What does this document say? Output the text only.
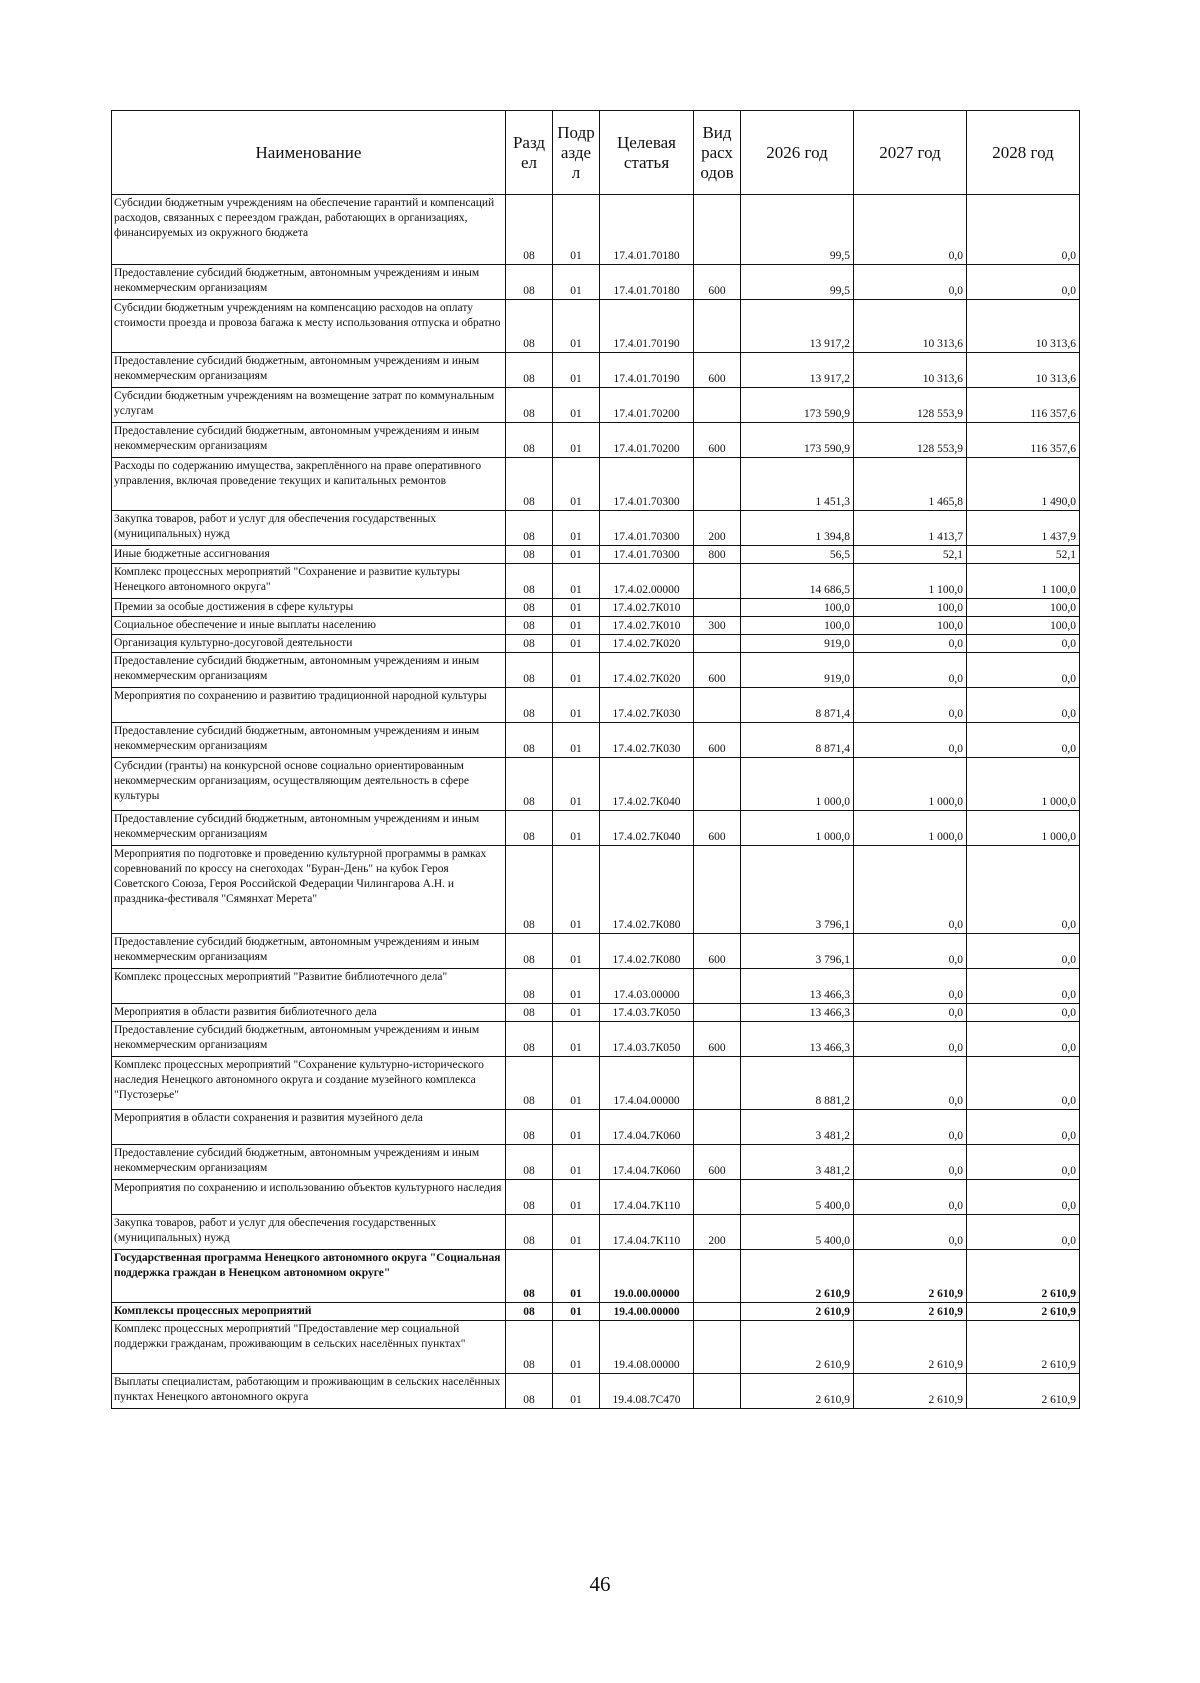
Наименование	Разд ел	Подр азде л	Целевая статья	Вид расх одов	2026 год	2027 год	2028 год
Субсидии бюджетным учреждениям на обеспечение гарантий и компенсаций расходов, связанных с переездом граждан, работающих в организациях, финансируемых из окружного бюджета	08	01	17.4.01.70180		99,5	0,0	0,0
Предоставление субсидий бюджетным, автономным учреждениям и иным некоммерческим организациям	08	01	17.4.01.70180	600	99,5	0,0	0,0
Субсидии бюджетным учреждениям на компенсацию расходов на оплату стоимости проезда и провоза багажа к месту использования отпуска и обратно	08	01	17.4.01.70190		13 917,2	10 313,6	10 313,6
Предоставление субсидий бюджетным, автономным учреждениям и иным некоммерческим организациям	08	01	17.4.01.70190	600	13 917,2	10 313,6	10 313,6
Субсидии бюджетным учреждениям на возмещение затрат по коммунальным услугам	08	01	17.4.01.70200		173 590,9	128 553,9	116 357,6
Предоставление субсидий бюджетным, автономным учреждениям и иным некоммерческим организациям	08	01	17.4.01.70200	600	173 590,9	128 553,9	116 357,6
Расходы по содержанию имущества, закреплённого на праве оперативного управления, включая проведение текущих и капитальных ремонтов	08	01	17.4.01.70300		1 451,3	1 465,8	1 490,0
Закупка товаров, работ и услуг для обеспечения государственных (муниципальных) нужд	08	01	17.4.01.70300	200	1 394,8	1 413,7	1 437,9
Иные бюджетные ассигнования	08	01	17.4.01.70300	800	56,5	52,1	52,1
Комплекс процессных мероприятий "Сохранение и развитие культуры Ненецкого автономного округа"	08	01	17.4.02.00000		14 686,5	1 100,0	1 100,0
Премии за особые достижения в сфере культуры	08	01	17.4.02.7К010		100,0	100,0	100,0
Социальное обеспечение и иные выплаты населению	08	01	17.4.02.7К010	300	100,0	100,0	100,0
Организация культурно-досуговой деятельности	08	01	17.4.02.7К020		919,0	0,0	0,0
Предоставление субсидий бюджетным, автономным учреждениям и иным некоммерческим организациям	08	01	17.4.02.7К020	600	919,0	0,0	0,0
Мероприятия по сохранению и развитию традиционной народной культуры	08	01	17.4.02.7К030		8 871,4	0,0	0,0
Предоставление субсидий бюджетным, автономным учреждениям и иным некоммерческим организациям	08	01	17.4.02.7К030	600	8 871,4	0,0	0,0
Субсидии (гранты) на конкурсной основе социально ориентированным некоммерческим организациям, осуществляющим деятельность в сфере культуры	08	01	17.4.02.7К040		1 000,0	1 000,0	1 000,0
Предоставление субсидий бюджетным, автономным учреждениям и иным некоммерческим организациям	08	01	17.4.02.7К040	600	1 000,0	1 000,0	1 000,0
Мероприятия по подготовке и проведению культурной программы в рамках соревнований по кроссу на снегоходах "Буран-День" на кубок Героя Советского Союза, Героя Российской Федерации Чилингарова А.Н. и праздника-фестиваля "Сямянхат Мерета"	08	01	17.4.02.7К080		3 796,1	0,0	0,0
Предоставление субсидий бюджетным, автономным учреждениям и иным некоммерческим организациям	08	01	17.4.02.7К080	600	3 796,1	0,0	0,0
Комплекс процессных мероприятий "Развитие библиотечного дела"	08	01	17.4.03.00000		13 466,3	0,0	0,0
Мероприятия в области развития библиотечного дела	08	01	17.4.03.7К050		13 466,3	0,0	0,0
Предоставление субсидий бюджетным, автономным учреждениям и иным некоммерческим организациям	08	01	17.4.03.7К050	600	13 466,3	0,0	0,0
Комплекс процессных мероприятий "Сохранение культурно-исторического наследия Ненецкого автономного округа и создание музейного комплекса "Пустозерье"	08	01	17.4.04.00000		8 881,2	0,0	0,0
Мероприятия в области сохранения и развития музейного дела	08	01	17.4.04.7К060		3 481,2	0,0	0,0
Предоставление субсидий бюджетным, автономным учреждениям и иным некоммерческим организациям	08	01	17.4.04.7К060	600	3 481,2	0,0	0,0
Мероприятия по сохранению и использованию объектов культурного наследия	08	01	17.4.04.7К110		5 400,0	0,0	0,0
Закупка товаров, работ и услуг для обеспечения государственных (муниципальных) нужд	08	01	17.4.04.7К110	200	5 400,0	0,0	0,0
Государственная программа Ненецкого автономного округа "Социальная поддержка граждан в Ненецком автономном округе"	08	01	19.0.00.00000		2 610,9	2 610,9	2 610,9
Комплексы процессных мероприятий	08	01	19.4.00.00000		2 610,9	2 610,9	2 610,9
Комплекс процессных мероприятий "Предоставление мер социальной поддержки гражданам, проживающим в сельских населённых пунктах"	08	01	19.4.08.00000		2 610,9	2 610,9	2 610,9
Выплаты специалистам, работающим и проживающим в сельских населённых пунктах Ненецкого автономного округа	08	01	19.4.08.7С470		2 610,9	2 610,9	2 610,9
46
